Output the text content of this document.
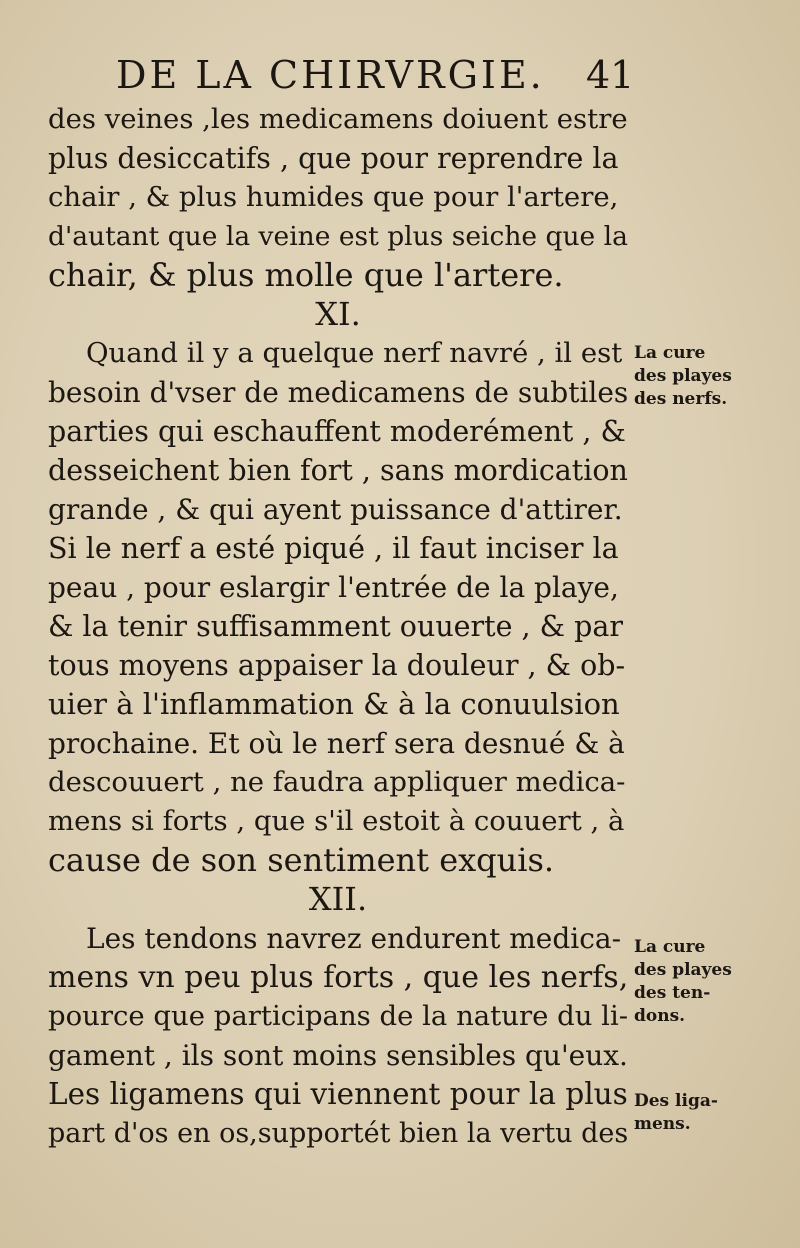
DE LA CHIRVRGIE. 41
des veines ,les medicamens doiuent estre
plus desiccatifs , que pour reprendre la
chair , & plus humides que pour l'artere,
d'autant que la veine est plus seiche que la
chair, & plus molle que l'artere.
XI.
Quand il y a quelque nerf navré , il est
besoin d'vser de medicamens de subtiles
parties qui eschauffent moderément , &
desseichent bien fort , sans mordication
grande , & qui ayent puissance d'attirer.
Si le nerf a esté piqué , il faut inciser la
peau , pour eslargir l'entrée de la playe,
& la tenir suffisamment ouuerte , & par
tous moyens appaiser la douleur , & ob-
uier à l'inflammation & à la conuulsion
prochaine. Et où le nerf sera desnué & à
descouuert , ne faudra appliquer medica-
mens si forts , que s'il estoit à couuert , à
cause de son sentiment exquis.
XII.
Les tendons navrez endurent medica-
mens vn peu plus forts , que les nerfs,
pource que participans de la nature du li-
gament , ils sont moins sensibles qu'eux.
Les ligamens qui viennent pour la plus
part d'os en os,supportét bien la vertu des
La cure
des playes
des nerfs.
La cure
des playes
des ten-
dons.
Des liga-
mens.
